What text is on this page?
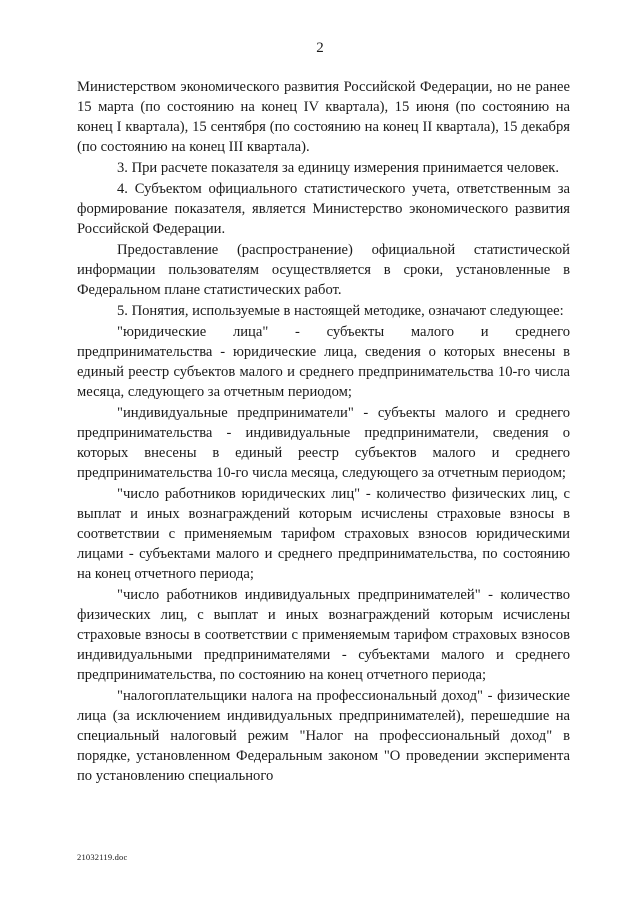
2

Министерством экономического развития Российской Федерации, но не ранее 15 марта (по состоянию на конец IV квартала), 15 июня (по состоянию на конец I квартала), 15 сентября (по состоянию на конец II квартала), 15 декабря (по состоянию на конец III квартала).

3. При расчете показателя за единицу измерения принимается человек.

4. Субъектом официального статистического учета, ответственным за формирование показателя, является Министерство экономического развития Российской Федерации.

Предоставление (распространение) официальной статистической информации пользователям осуществляется в сроки, установленные в Федеральном плане статистических работ.

5. Понятия, используемые в настоящей методике, означают следующее:

"юридические лица" - субъекты малого и среднего предпринимательства - юридические лица, сведения о которых внесены в единый реестр субъектов малого и среднего предпринимательства 10-го числа месяца, следующего за отчетным периодом;

"индивидуальные предприниматели" - субъекты малого и среднего предпринимательства - индивидуальные предприниматели, сведения о которых внесены в единый реестр субъектов малого и среднего предпринимательства 10-го числа месяца, следующего за отчетным периодом;

"число работников юридических лиц" - количество физических лиц, с выплат и иных вознаграждений которым исчислены страховые взносы в соответствии с применяемым тарифом страховых взносов юридическими лицами - субъектами малого и среднего предпринимательства, по состоянию на конец отчетного периода;

"число работников индивидуальных предпринимателей" - количество физических лиц, с выплат и иных вознаграждений которым исчислены страховые взносы в соответствии с применяемым тарифом страховых взносов индивидуальными предпринимателями - субъектами малого и среднего предпринимательства, по состоянию на конец отчетного периода;

"налогоплательщики налога на профессиональный доход" - физические лица (за исключением индивидуальных предпринимателей), перешедшие на специальный налоговый режим "Налог на профессиональный доход" в порядке, установленном Федеральным законом "О проведении эксперимента по установлению специального

21032119.doc
